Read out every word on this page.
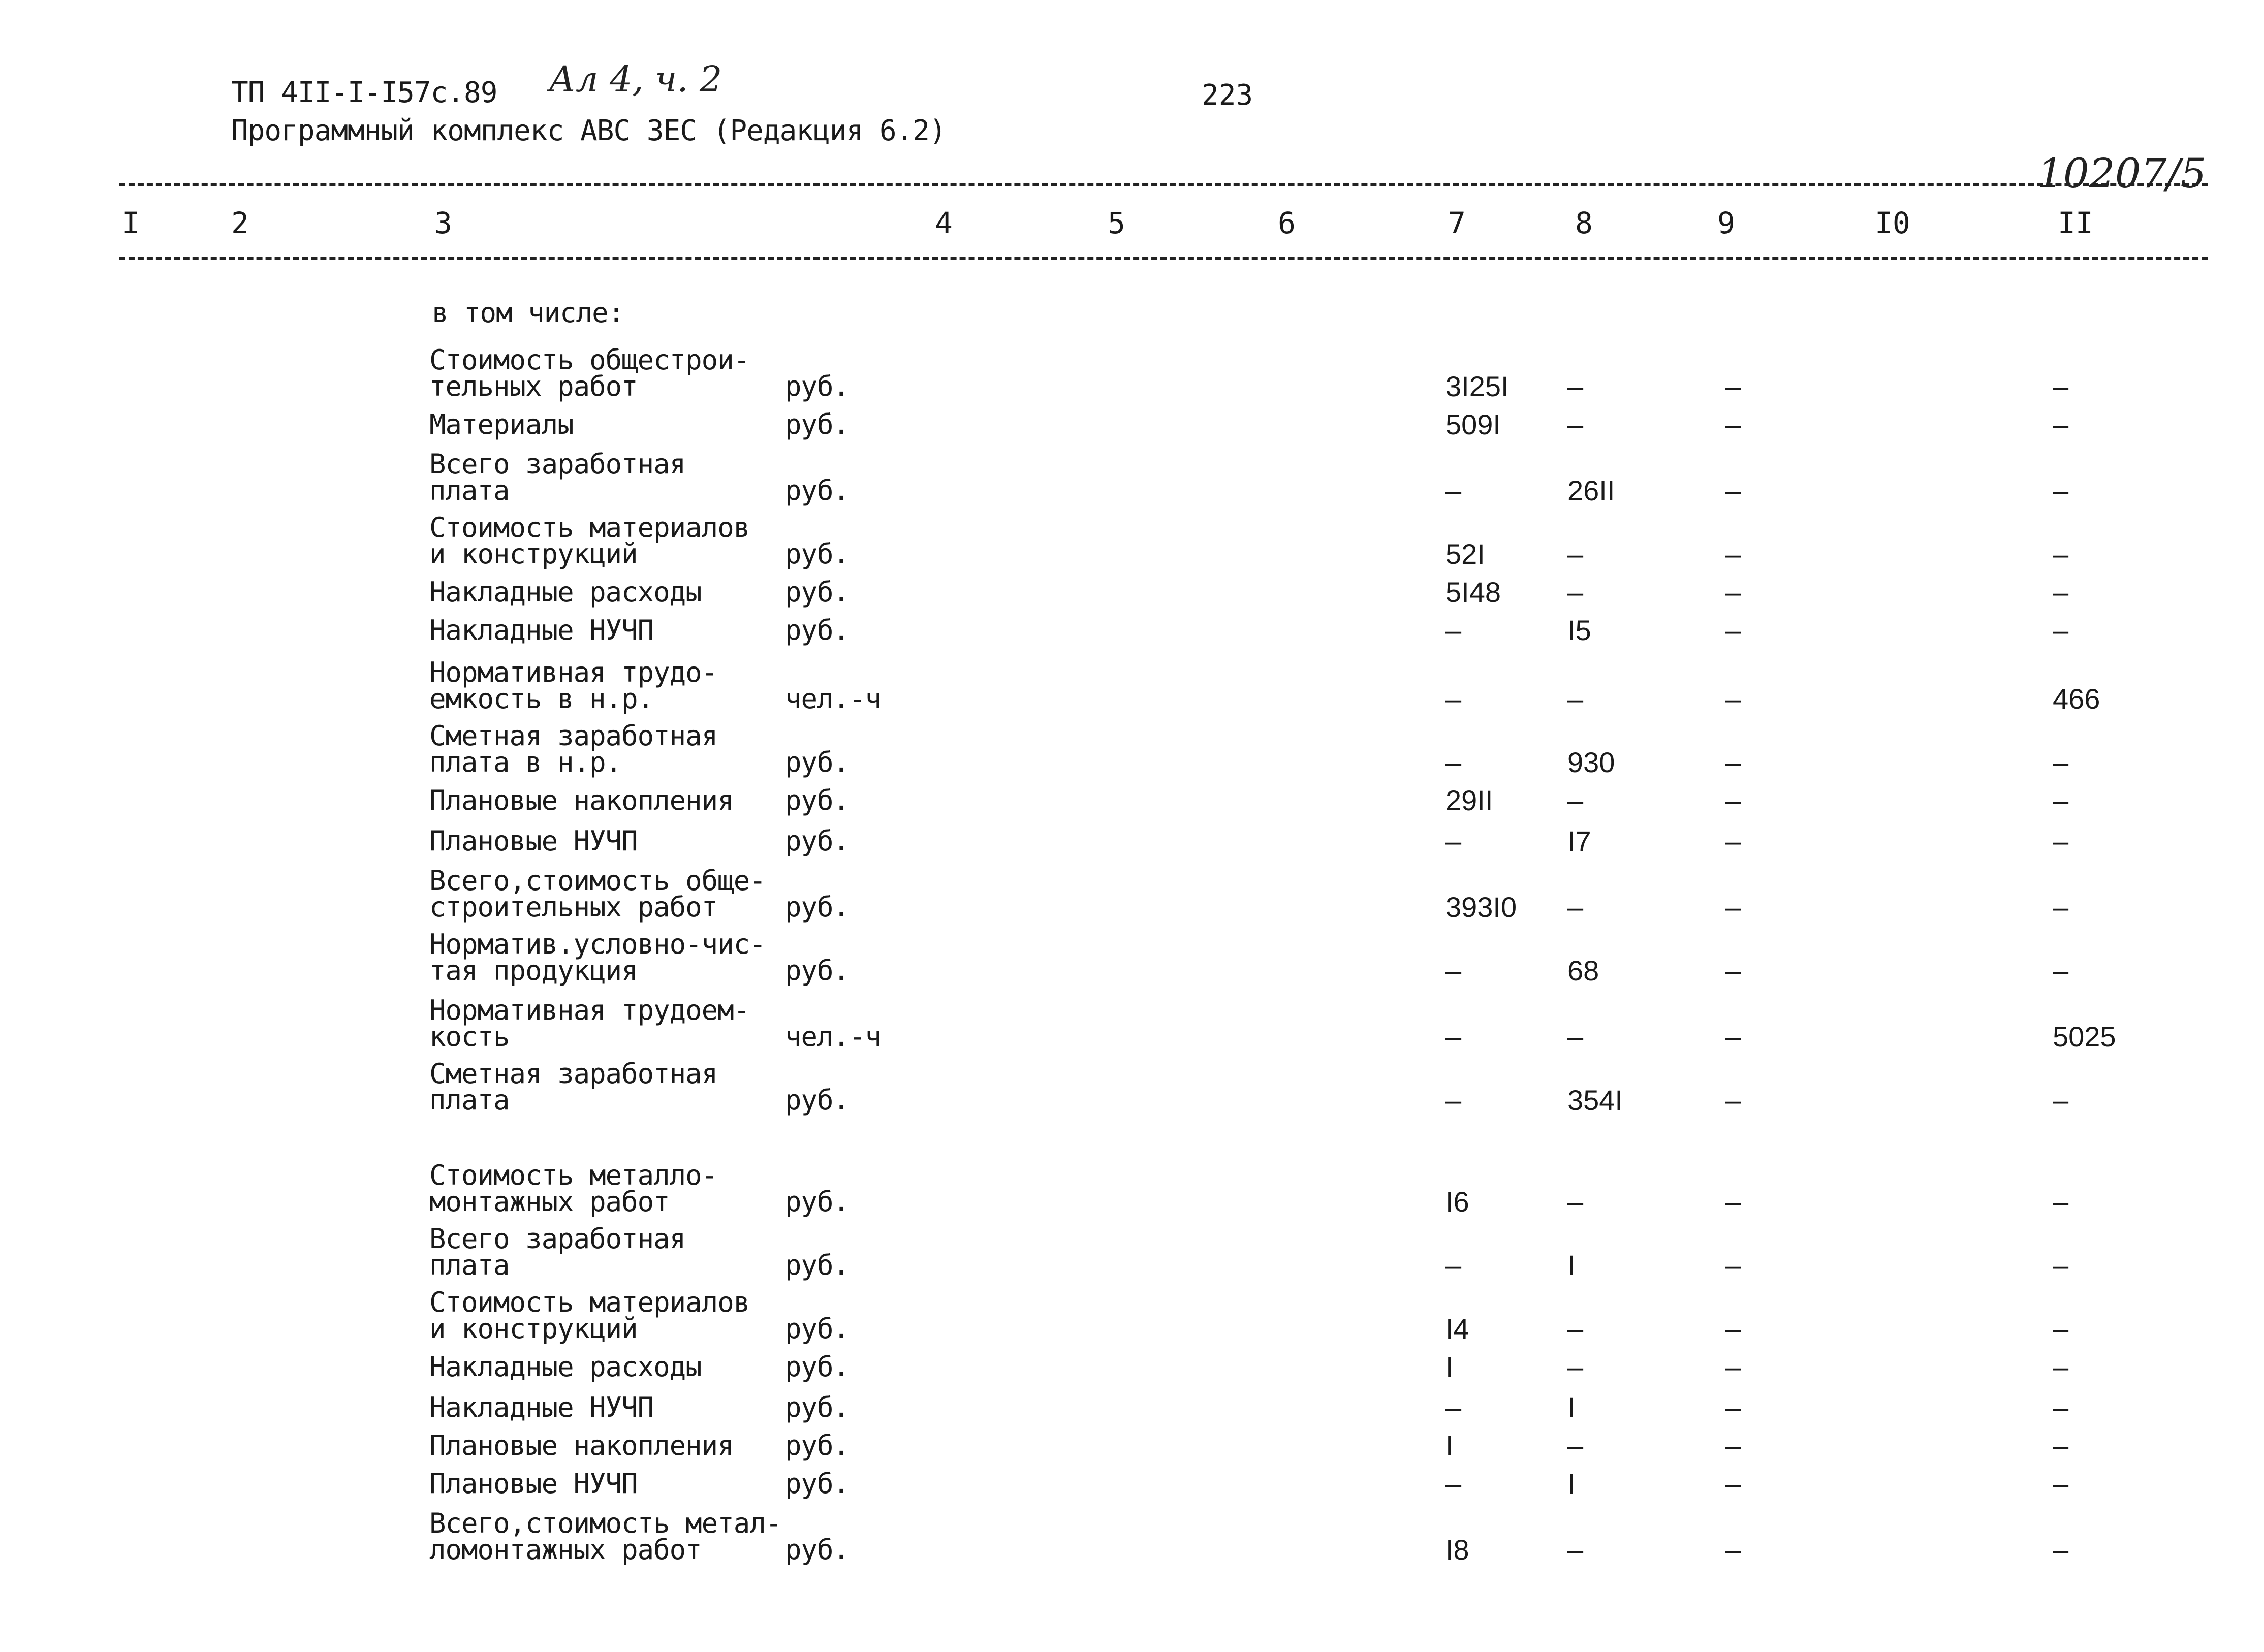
ТП 4II-I-I57с.89 Ал 4, ч. 2	223
Программный комплекс АВС ЗЕС (Редакция 6.2)
10207/5
I	2	3	4	5	6	7	8	9	I0	II
в том числе:
Стоимость общестрои-
тельных работ	руб.	3I25I –	–	–
Материалы	руб.	509I –	–	–
Всего заработная
плата	руб.	–	26II	–	–
Стоимость материалов
и конструкций	руб.	52I	–	–	–
Накладные расходы	руб.	5I48 –	–	–
Накладные НУЧП	руб.	–	I5	–	–
Нормативная трудо-
емкость в н.р.	чел.-ч	–	–	–	466
Сметная заработная
плата в н.р.	руб.	–	930	–	–
Плановые накопления руб.	29II	–	–	–
Плановые НУЧП	руб.	–	I7	–	–
Всего,стоимость обще-
строительных работ	руб.	393I0 –	–	–
Норматив.условно-чис-
тая продукция	руб.	–	68	–	–
Нормативная трудоем-
кость	чел.-ч	–	–	–	5025
Сметная заработная
плата	руб.	–	354I	–	–
Стоимость металло-
монтажных работ	руб.	I6	–	–	–
Всего заработная
плата	руб.	–	I	–	–
Стоимость материалов
и конструкций	руб.	I4	–	–	–
Накладные расходы	руб.	I	–	–	–
Накладные НУЧП	руб.	–	I	–	–
Плановые накопления руб.	I	–	–	–
Плановые НУЧП	руб.	–	I	–	–
Всего,стоимость метал-
ломонтажных работ	руб.	I8	–	–	–
